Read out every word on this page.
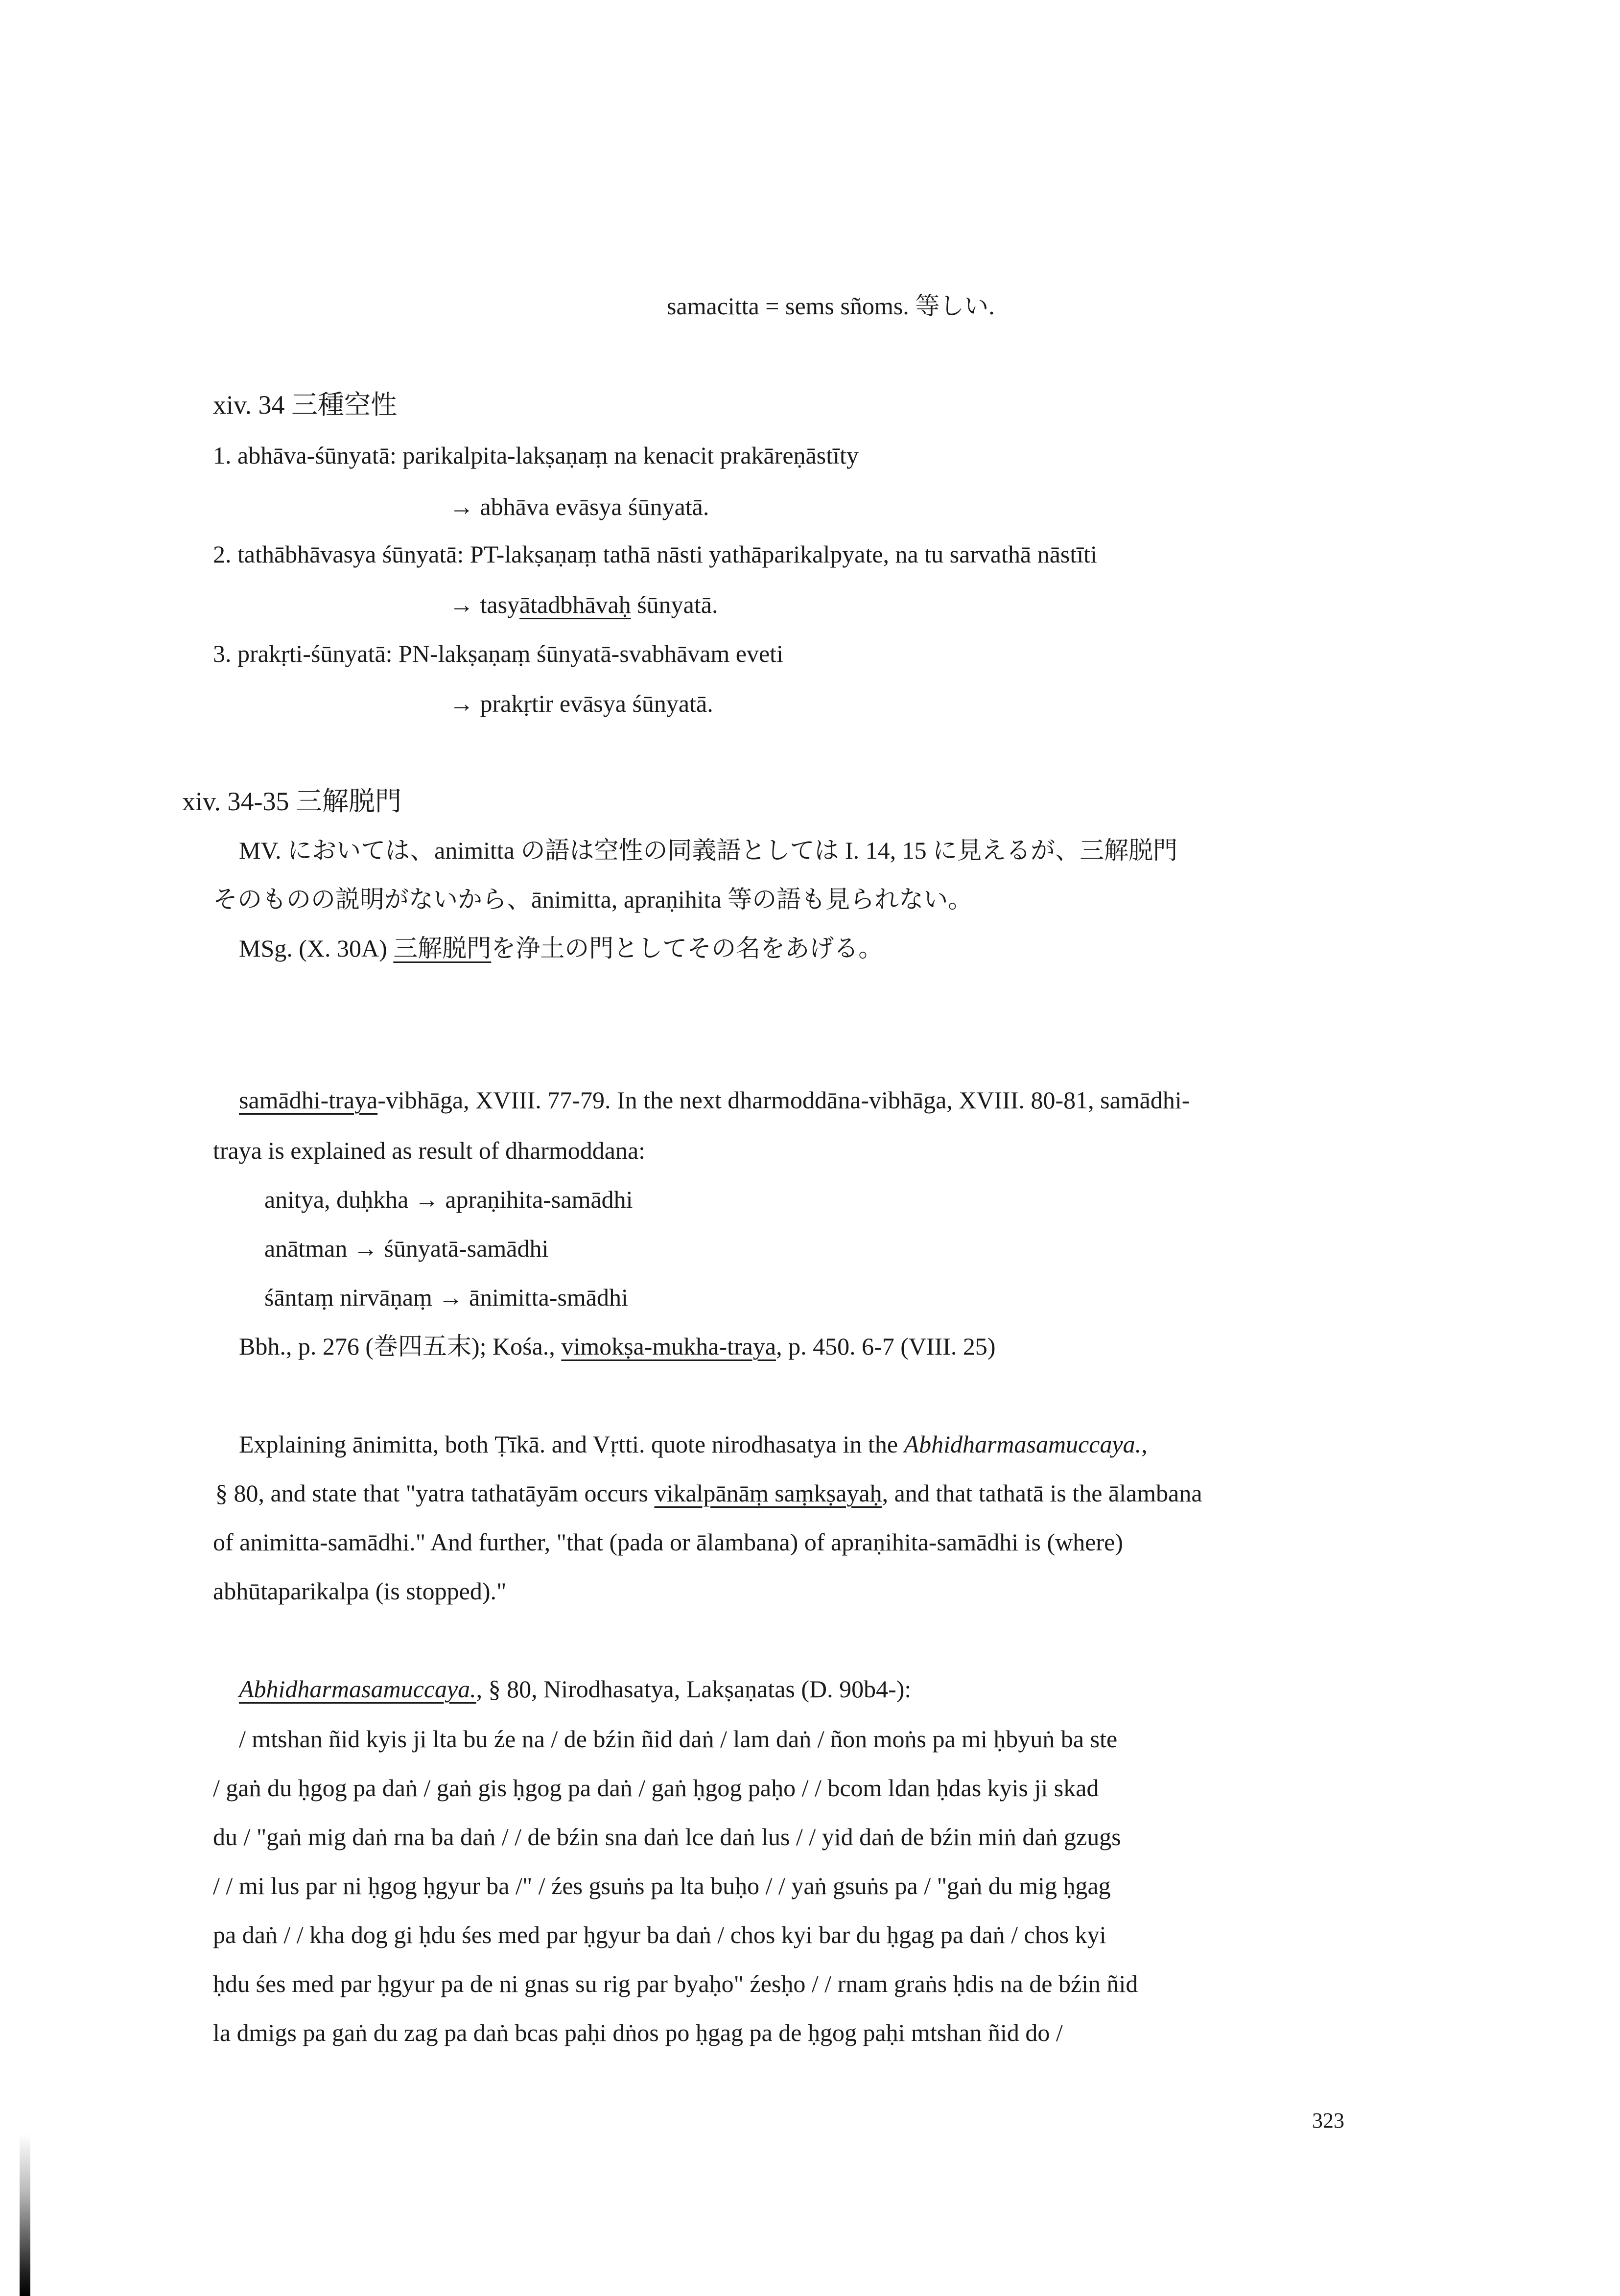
samacitta = sems sñoms. 等しい.
xiv. 34 三種空性
1. abhāva-śūnyatā: parikalpita-lakṣaṇaṃ na kenacit prakāreṇāstīty
→ abhāva evāsya śūnyatā.
2. tathābhāvasya śūnyatā: PT-lakṣaṇaṃ tathā nāsti yathāparikalpyate, na tu sarvathā nāstīti
→ tasyātadbhāvaḥ śūnyatā.
3. prakṛti-śūnyatā: PN-lakṣaṇaṃ śūnyatā-svabhāvam eveti
→ prakṛtir evāsya śūnyatā.
xiv. 34-35 三解脱門
MV. においては、animitta の語は空性の同義語としては I. 14, 15 に見えるが、三解脱門
そのものの説明がないから、ānimitta, apraṇihita 等の語も見られない。
MSg. (X. 30A) 三解脱門を浄土の門としてその名をあげる。
samādhi-traya-vibhāga, XVIII. 77-79. In the next dharmoddāna-vibhāga, XVIII. 80-81, samādhi-
traya is explained as result of dharmoddana:
anitya, duḥkha → apraṇihita-samādhi
anātman → śūnyatā-samādhi
śāntaṃ nirvāṇaṃ → ānimitta-smādhi
Bbh., p. 276 (巻四五末); Kośa., vimokṣa-mukha-traya, p. 450. 6-7 (VIII. 25)
Explaining ānimitta, both Ṭīkā. and Vṛtti. quote nirodhasatya in the Abhidharmasamuccaya.,
§ 80, and state that "yatra tathatāyām occurs vikalpānāṃ saṃkṣayaḥ, and that tathatā is the ālambana
of animitta-samādhi." And further, "that (pada or ālambana) of apraṇihita-samādhi is (where)
abhūtaparikalpa (is stopped)."
Abhidharmasamuccaya., § 80, Nirodhasatya, Lakṣaṇatas (D. 90b4-):
/ mtshan ñid kyis ji lta bu źe na / de bźin ñid daṅ / lam daṅ / ñon moṅs pa mi ḥbyuṅ ba ste
/ gaṅ du ḥgog pa daṅ / gaṅ gis ḥgog pa daṅ / gaṅ ḥgog paḥo / / bcom ldan ḥdas kyis ji skad
du / "gaṅ mig daṅ rna ba daṅ / / de bźin sna daṅ lce daṅ lus / / yid daṅ de bźin miṅ daṅ gzugs
/ / mi lus par ni ḥgog ḥgyur ba /" / źes gsuṅs pa lta buḥo / / yaṅ gsuṅs pa / "gaṅ du mig ḥgag
pa daṅ / / kha dog gi ḥdu śes med par ḥgyur ba daṅ / chos kyi bar du ḥgag pa daṅ / chos kyi
ḥdu śes med par ḥgyur pa de ni gnas su rig par byaḥo" źesḥo / / rnam graṅs ḥdis na de bźin ñid
la dmigs pa gaṅ du zag pa daṅ bcas paḥi dṅos po ḥgag pa de ḥgog paḥi mtshan ñid do /
323
